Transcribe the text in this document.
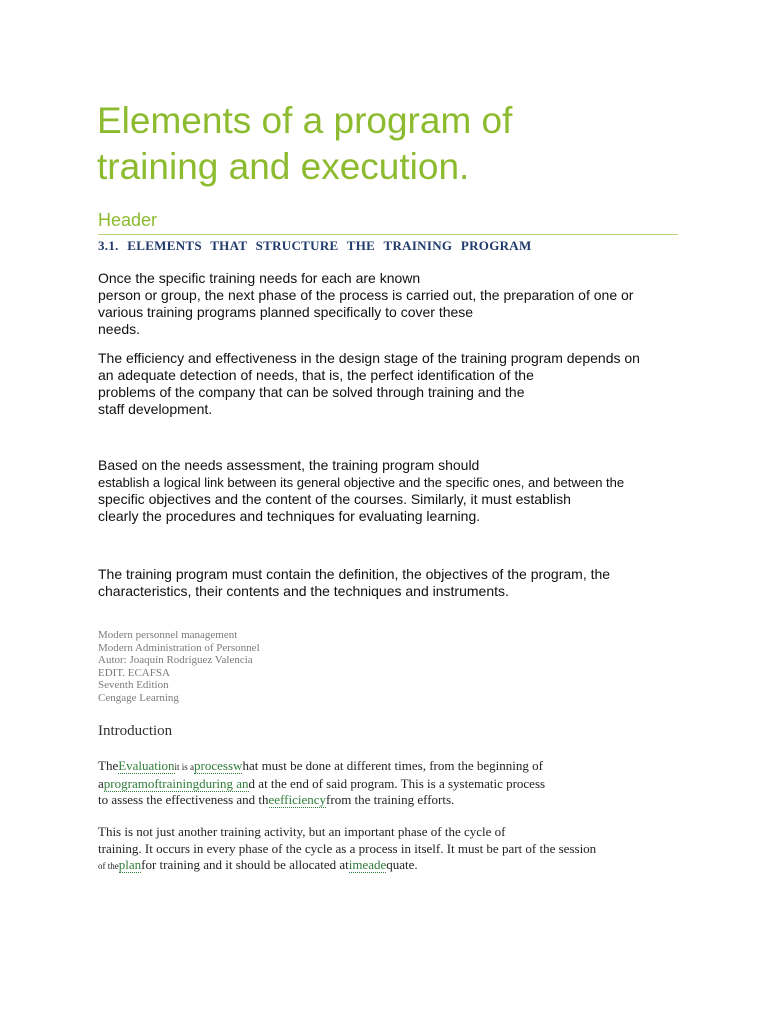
Elements of a program of
training and execution.
Header
3.1. ELEMENTS THAT STRUCTURE THE TRAINING PROGRAM
Once the specific training needs for each are known
person or group, the next phase of the process is carried out, the preparation of one or
various training programs planned specifically to cover these
needs.
The efficiency and effectiveness in the design stage of the training program depends on
an adequate detection of needs, that is, the perfect identification of the
problems of the company that can be solved through training and the
staff development.
Based on the needs assessment, the training program should
establish a logical link between its general objective and the specific ones, and between the
specific objectives and the content of the courses. Similarly, it must establish
clearly the procedures and techniques for evaluating learning.
The training program must contain the definition, the objectives of the program, the
characteristics, their contents and the techniques and instruments.
Modern personnel management
Modern Administration of Personnel
Autor: Joaquín Rodríguez Valencia
EDIT. ECAFSA
Seventh Edition
Cengage Learning
Introduction
TheEvaluationit is aprocesswhat must be done at different times, from the beginning of
aprogramoftrainingduring and at the end of said program. This is a systematic process
to assess the effectiveness and theefficiencyfrom the training efforts.
This is not just another training activity, but an important phase of the cycle of
training. It occurs in every phase of the cycle as a process in itself. It must be part of the session
of theplanfor training and it should be allocated atimeadequate.
